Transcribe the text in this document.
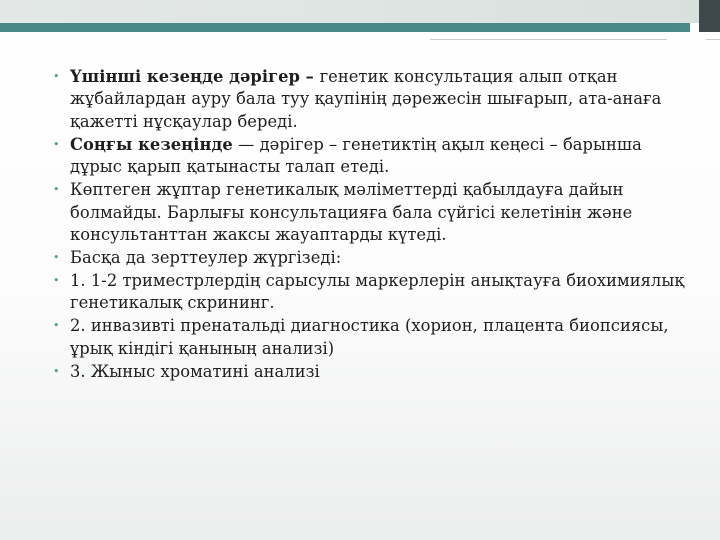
• Үшінші кезеңде дәрігер – генетик консультация алып отқан жұбайлардан ауру бала туу қаупінің дәрежесін шығарып, ата-анаға қажетті нұсқаулар береді.
• Соңғы кезеңінде — дәрігер – генетиктің ақыл кеңесі – барынша дұрыс қарып қатынасты талап етеді.
• Көптеген жұптар генетикалық мәліметтерді қабылдауға дайын болмайды. Барлығы консультацияға бала сүйгісі келетінін және консультанттан жаксы жауаптарды күтеді.
• Басқа да зерттеулер жүргізеді:
• 1. 1-2 триместрлердің сарысулы маркерлерін анықтауға биохимиялық генетикалық скрининг.
• 2. инвазивті пренатальді диагностика (хорион, плацента биопсиясы, ұрық кіндігі қанының анализі)
• 3. Жыныс хроматині анализі
